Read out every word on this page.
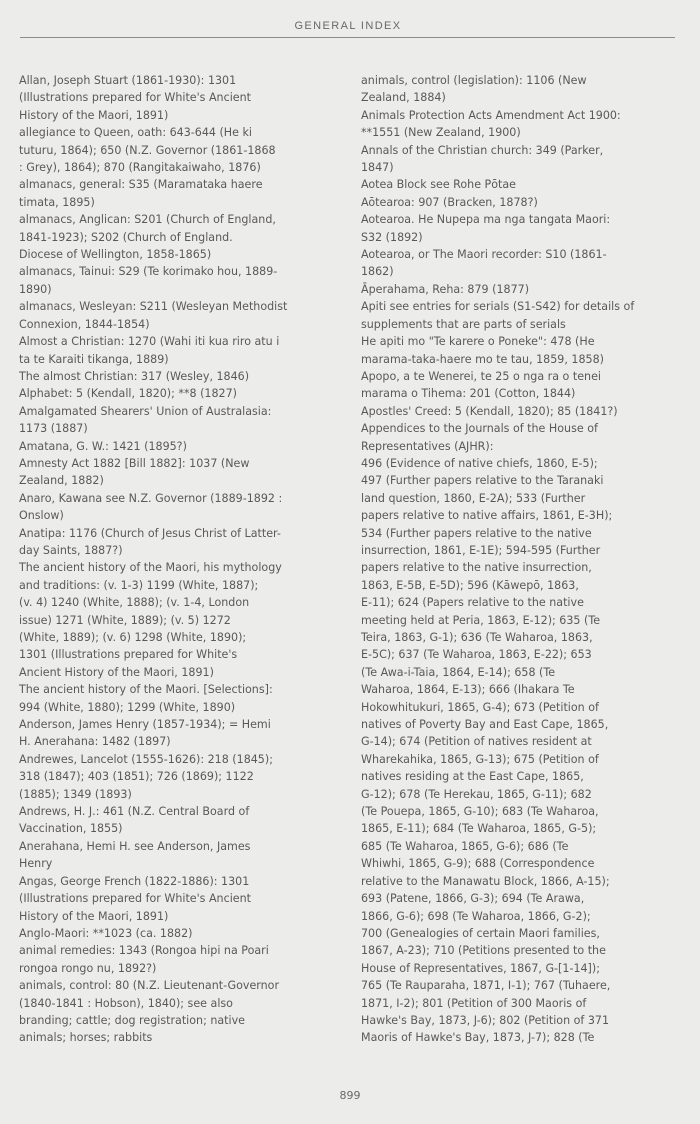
GENERAL INDEX

Allan, Joseph Stuart (1861-1930): 1301
(Illustrations prepared for White's Ancient
History of the Maori, 1891)

allegiance to Queen, oath: 643-644 (He ki
tuturu, 1864); 650 (N.Z. Governor (1861-1868
: Grey), 1864); 870 (Rangitakaiwaho, 1876)

almanacs, general: S35 (Maramataka haere
timata, 1895)

almanacs, Anglican: S201 (Church of England,
1841-1923); S202 (Church of England.
Diocese of Wellington, 1858-1865)

almanacs, Tainui: S29 (Te korimako hou, 1889-
1890)

almanacs, Wesleyan: S211 (Wesleyan Methodist
Connexion, 1844-1854)

Almost a Christian: 1270 (Wahi iti kua riro atu i
ta te Karaiti tikanga, 1889)

The almost Christian: 317 (Wesley, 1846)

Alphabet: 5 (Kendall, 1820); **8 (1827)

Amalgamated Shearers' Union of Australasia:
1173 (1887)

Amatana, G. W.: 1421 (1895?)

Amnesty Act 1882 [Bill 1882]: 1037 (New
Zealand, 1882)

Anaro, Kawana see N.Z. Governor (1889-1892 :
Onslow)

Anatipa: 1176 (Church of Jesus Christ of Latter-
day Saints, 1887?)

The ancient history of the Maori, his mythology
and traditions: (v. 1-3) 1199 (White, 1887);
(v. 4) 1240 (White, 1888); (v. 1-4, London
issue) 1271 (White, 1889); (v. 5) 1272
(White, 1889); (v. 6) 1298 (White, 1890);
1301 (Illustrations prepared for White's
Ancient History of the Maori, 1891)

The ancient history of the Maori. [Selections]:
994 (White, 1880); 1299 (White, 1890)

Anderson, James Henry (1857-1934); = Hemi
H. Anerahana: 1482 (1897)

Andrewes, Lancelot (1555-1626): 218 (1845);
318 (1847); 403 (1851); 726 (1869); 1122
(1885); 1349 (1893)

Andrews, H. J.: 461 (N.Z. Central Board of
Vaccination, 1855)

Anerahana, Hemi H. see Anderson, James
Henry

Angas, George French (1822-1886): 1301
(Illustrations prepared for White's Ancient
History of the Maori, 1891)

Anglo-Maori: **1023 (ca. 1882)

animal remedies: 1343 (Rongoa hipi na Poari
rongoa rongo nu, 1892?)

animals, control: 80 (N.Z. Lieutenant-Governor
(1840-1841 : Hobson), 1840); see also
branding; cattle; dog registration; native
animals; horses; rabbits

animals, control (legislation): 1106 (New
Zealand, 1884)

Animals Protection Acts Amendment Act 1900:
**1551 (New Zealand, 1900)

Annals of the Christian church: 349 (Parker,
1847)

Aotea Block see Rohe Pōtae

Aōtearoa: 907 (Bracken, 1878?)

Aotearoa. He Nupepa ma nga tangata Maori:
S32 (1892)

Aotearoa, or The Maori recorder: S10 (1861-
1862)

Āperahama, Reha: 879 (1877)

Apiti see entries for serials (S1-S42) for details of
supplements that are parts of serials

He apiti mo "Te karere o Poneke": 478 (He
marama-taka-haere mo te tau, 1859, 1858)

Apopo, a te Wenerei, te 25 o nga ra o tenei
marama o Tihema: 201 (Cotton, 1844)

Apostles' Creed: 5 (Kendall, 1820); 85 (1841?)

Appendices to the Journals of the House of
Representatives (AJHR):
496 (Evidence of native chiefs, 1860, E-5);
497 (Further papers relative to the Taranaki
land question, 1860, E-2A); 533 (Further
papers relative to native affairs, 1861, E-3H);
534 (Further papers relative to the native
insurrection, 1861, E-1E); 594-595 (Further
papers relative to the native insurrection,
1863, E-5B, E-5D); 596 (Kāwepō, 1863,
E-11); 624 (Papers relative to the native
meeting held at Peria, 1863, E-12); 635 (Te
Teira, 1863, G-1); 636 (Te Waharoa, 1863,
E-5C); 637 (Te Waharoa, 1863, E-22); 653
(Te Awa-i-Taia, 1864, E-14); 658 (Te
Waharoa, 1864, E-13); 666 (Ihakara Te
Hokowhitukuri, 1865, G-4); 673 (Petition of
natives of Poverty Bay and East Cape, 1865,
G-14); 674 (Petition of natives resident at
Wharekahika, 1865, G-13); 675 (Petition of
natives residing at the East Cape, 1865,
G-12); 678 (Te Herekau, 1865, G-11); 682
(Te Pouepa, 1865, G-10); 683 (Te Waharoa,
1865, E-11); 684 (Te Waharoa, 1865, G-5);
685 (Te Waharoa, 1865, G-6); 686 (Te
Whiwhi, 1865, G-9); 688 (Correspondence
relative to the Manawatu Block, 1866, A-15);
693 (Patene, 1866, G-3); 694 (Te Arawa,
1866, G-6); 698 (Te Waharoa, 1866, G-2);
700 (Genealogies of certain Maori families,
1867, A-23); 710 (Petitions presented to the
House of Representatives, 1867, G-[1-14]);
765 (Te Rauparaha, 1871, I-1); 767 (Tuhaere,
1871, I-2); 801 (Petition of 300 Maoris of
Hawke's Bay, 1873, J-6); 802 (Petition of 371
Maoris of Hawke's Bay, 1873, J-7); 828 (Te

899
